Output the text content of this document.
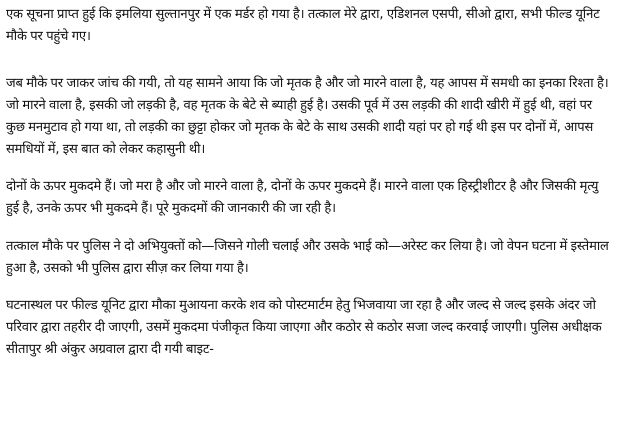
एक सूचना प्राप्त हुई कि इमलिया सुल्तानपुर में एक मर्डर हो गया है। तत्काल मेरे द्वारा, एडिशनल एसपी, सीओ द्वारा, सभी फील्ड यूनिट मौके पर पहुंचे गए।

जब मौके पर जाकर जांच की गयी, तो यह सामने आया कि जो मृतक है और जो मारने वाला है, यह आपस में समधी का इनका रिश्ता है। जो मारने वाला है, इसकी जो लड़की है, वह मृतक के बेटे से ब्याही हुई है। उसकी पूर्व में उस लड़की की शादी खीरी में हुई थी, वहां पर कुछ मनमुटाव हो गया था, तो लड़की का छुट्टा होकर जो मृतक के बेटे के साथ उसकी शादी यहां पर हो गई थी इस पर दोनों में, आपस समधियों में, इस बात को लेकर कहासुनी थी।

दोनों के ऊपर मुकदमे हैं। जो मरा है और जो मारने वाला है, दोनों के ऊपर मुकदमे हैं। मारने वाला एक हिस्ट्रीशीटर है और जिसकी मृत्यु हुई है, उनके ऊपर भी मुकदमे हैं। पूरे मुकदमों की जानकारी की जा रही है।

तत्काल मौके पर पुलिस ने दो अभियुक्तों को—जिसने गोली चलाई और उसके भाई को—अरेस्ट कर लिया है। जो वेपन घटना में इस्तेमाल हुआ है, उसको भी पुलिस द्वारा सीज़ कर लिया गया है।

घटनास्थल पर फील्ड यूनिट द्वारा मौका मुआयना करके शव को पोस्टमार्टम हेतु भिजवाया जा रहा है और जल्द से जल्द इसके अंदर जो परिवार द्वारा तहरीर दी जाएगी, उसमें मुकदमा पंजीकृत किया जाएगा और कठोर से कठोर सजा जल्द करवाई जाएगी। पुलिस अधीक्षक सीतापुर श्री अंकुर अग्रवाल द्वारा दी गयी बाइट-
